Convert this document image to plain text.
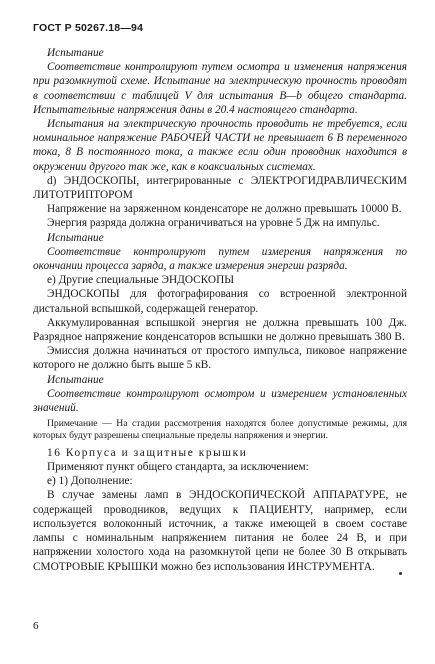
ГОСТ Р 50267.18—94

Испытание

Соответствие контролируют путем осмотра и изменения напряжения при разомкнутой схеме. Испытание на электрическую прочность проводят в соответствии с таблицей V для испытания B—b общего стандарта. Испытательные напряжения даны в 20.4 настоящего стандарта.

Испытания на электрическую прочность проводить не требуется, если номинальное напряжение РАБОЧЕЙ ЧАСТИ не превышает 6 В переменного тока, 8 В постоянного тока, а также если один проводник находится в окружении другого так же, как в коаксиальных системах.

d) ЭНДОСКОПЫ, интегрированные с ЭЛЕКТРОГИДРАВЛИЧЕСКИМ ЛИТОТРИПТОРОМ

Напряжение на заряженном конденсаторе не должно превышать 10000 В.

Энергия разряда должна ограничиваться на уровне 5 Дж на импульс.

Испытание

Соответствие контролируют путем измерения напряжения по окончании процесса заряда, а также измерения энергии разряда.

e) Другие специальные ЭНДОСКОПЫ

ЭНДОСКОПЫ для фотографирования со встроенной электронной дистальной вспышкой, содержащей генератор.

Аккумулированная вспышкой энергия не должна превышать 100 Дж. Разрядное напряжение конденсаторов вспышки не должно превышать 380 В.

Эмиссия должна начинаться от простого импульса, пиковое напряжение которого не должно быть выше 5 кВ.

Испытание

Соответствие контролируют осмотром и измерением установленных значений.

Примечание — На стадии рассмотрения находятся более допустимые режимы, для которых будут разрешены специальные пределы напряжения и энергии.

16 Корпуса и защитные крышки

Применяют пункт общего стандарта, за исключением:

e) 1) Дополнение:

В случае замены ламп в ЭНДОСКОПИЧЕСКОЙ АППАРАТУРЕ, не содержащей проводников, ведущих к ПАЦИЕНТУ, например, если используется волоконный источник, а также имеющей в своем составе лампы с номинальным напряжением питания не более 24 В, и при напряжении холостого хода на разомкнутой цепи не более 30 В открывать СМОТРОВЫЕ КРЫШКИ можно без использования ИНСТРУМЕНТА.

6
